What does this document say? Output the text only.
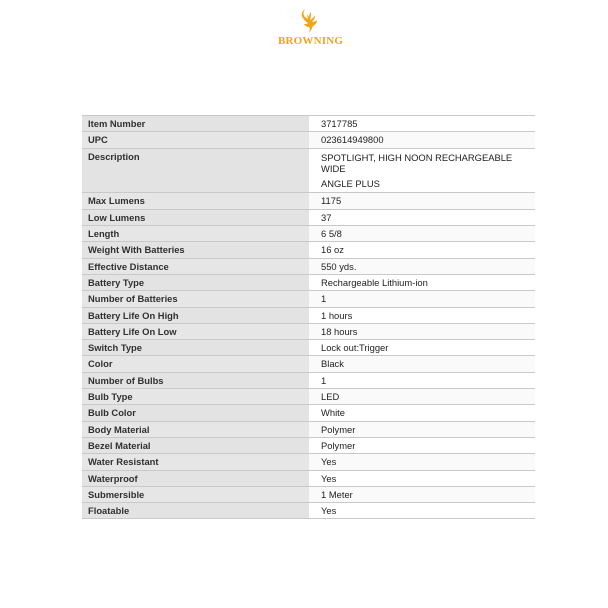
BROWNING
Item Number	3717785
UPC	023614949800
Description	SPOTLIGHT, HIGH NOON RECHARGEABLE WIDE
ANGLE PLUS

Max Lumens	1175
Low Lumens	37
Length	6 5/8
Weight With Batteries	16 oz
Effective Distance	550 yds.
Battery Type	Rechargeable Lithium-ion
Number of Batteries	1
Battery Life On High	1 hours
Battery Life On Low	18 hours
Switch Type	Lock out:Trigger
Color	Black
Number of Bulbs	1
Bulb Type	LED
Bulb Color	White
Body Material	Polymer
Bezel Material	Polymer
Water Resistant	Yes
Waterproof	Yes
Submersible	1 Meter
Floatable	Yes
